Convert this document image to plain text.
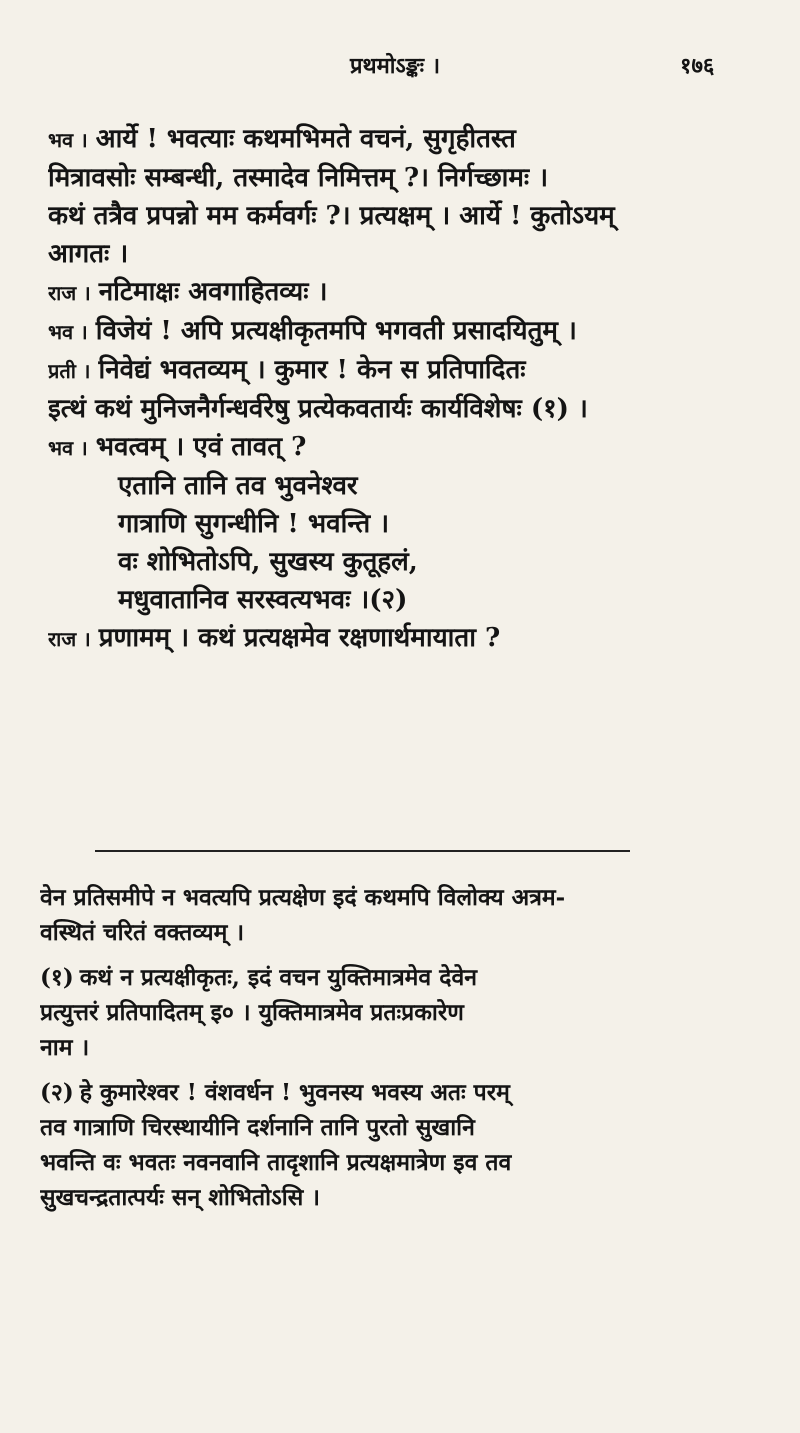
प्रथमोऽङ्कः ।	१७६
भव । आर्ये ! भवत्याः कथमभिमते वचनं, सुगृहीतस्त
मित्रावसोः सम्बन्धी, तस्मादेव निमित्तम् ?। निर्गच्छामः ।
कथं तत्रैव प्रपन्नो मम कर्मवर्गः ?। प्रत्यक्षम् । आर्ये ! कुतोऽयम्
आगतः ।
राज । नटिमाक्षः अवगाहितव्यः ।
भव । विजेयं ! अपि प्रत्यक्षीकृतमपि भगवती प्रसादयितुम् ।
प्रती । निवेद्यं भवतव्यम् । कुमार ! केन स प्रतिपादितः
इत्थं कथं मुनिजनैर्गन्धर्वरेषु प्रत्येकवतार्यः कार्यविशेषः (१) ।
भव । भवत्वम् । एवं तावत् ?
एतानि तानि तव भुवनेश्वर
गात्राणि सुगन्धीनि ! भवन्ति ।
वः शोभितोऽपि, सुखस्य कुतूहलं,
मधुवातानिव सरस्वत्यभवः ।(२)
राज । प्रणामम् । कथं प्रत्यक्षमेव रक्षणार्थमायाता ?
वेन प्रतिसमीपे न भवत्यपि प्रत्यक्षेण इदं कथमपि विलोक्य अत्रम-
वस्थितं चरितं वक्तव्यम् ।
(१) कथं न प्रत्यक्षीकृतः, इदं वचन युक्तिमात्रमेव देवेन
प्रत्युत्तरं प्रतिपादितम् इ० । युक्तिमात्रमेव प्रतःप्रकारेण
नाम ।
(२) हे कुमारेश्वर ! वंशवर्धन ! भुवनस्य भवस्य अतः परम्
तव गात्राणि चिरस्थायीनि दर्शनानि तानि पुरतो सुखानि
भवन्ति वः भवतः नवनवानि तादृशानि प्रत्यक्षमात्रेण इव तव
सुखचन्द्रतात्पर्यः सन् शोभितोऽसि ।
